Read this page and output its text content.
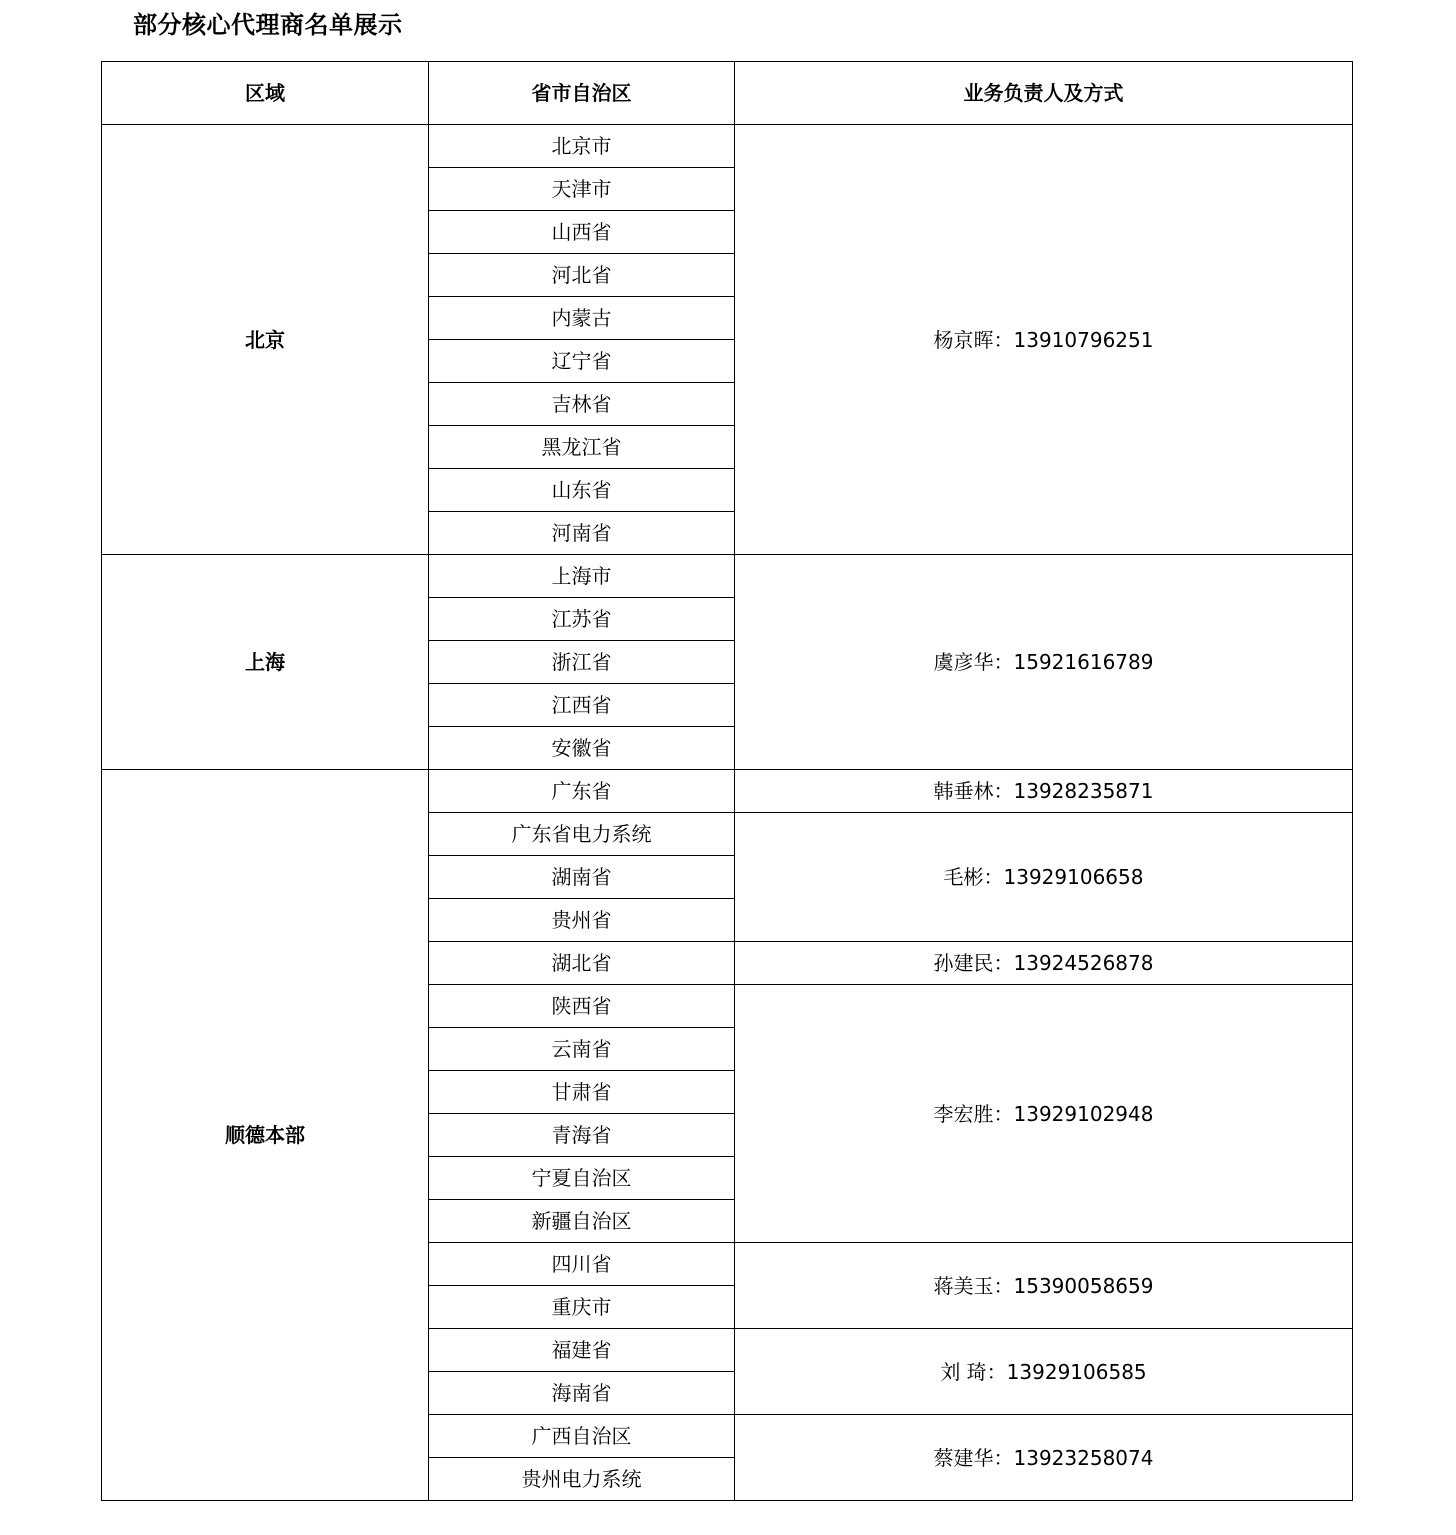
部分核心代理商名单展示
区域	省市自治区	业务负责人及方式
北京	北京市	杨京晖：13910796251
	天津市	
	山西省	
	河北省	
	内蒙古	
	辽宁省	
	吉林省	
	黑龙江省	
	山东省	
	河南省	
上海	上海市	虞彦华：15921616789
	江苏省	
	浙江省	
	江西省	
	安徽省	
顺德本部	广东省	韩垂林：13928235871
	广东省电力系统	毛彬：13929106658
	湖南省	
	贵州省	
	湖北省	孙建民：13924526878
	陕西省	李宏胜：13929102948
	云南省	
	甘肃省	
	青海省	
	宁夏自治区	
	新疆自治区	
	四川省	蒋美玉：15390058659
	重庆市	
	福建省	刘 琦：13929106585
	海南省	
	广西自治区	蔡建华：13923258074
	贵州电力系统	
